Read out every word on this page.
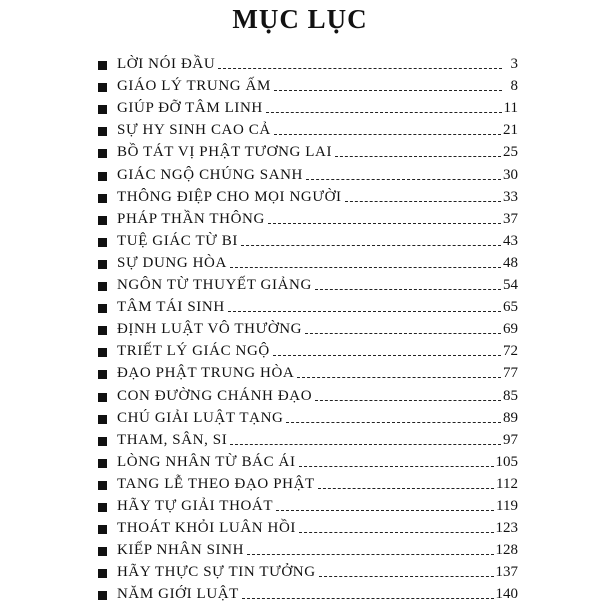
MỤC LỤC
LỜI NÓI ĐẦU	3
GIÁO LÝ TRUNG ẤM	8
GIÚP ĐỠ TÂM LINH	11
SỰ HY SINH CAO CẢ	21
BỒ TÁT VỊ PHẬT TƯƠNG LAI	25
GIÁC NGỘ CHÚNG SANH	30
THÔNG ĐIỆP CHO MỌI NGƯỜI	33
PHÁP THẦN THÔNG	37
TUỆ GIÁC TỪ BI	43
SỰ DUNG HÒA	48
NGÔN TỪ THUYẾT GIẢNG	54
TÂM TÁI SINH	65
ĐỊNH LUẬT VÔ THƯỜNG	69
TRIẾT LÝ GIÁC NGỘ	72
ĐẠO PHẬT TRUNG HÒA	77
CON ĐƯỜNG CHÁNH ĐẠO	85
CHÚ GIẢI LUẬT TẠNG	89
THAM, SÂN, SI	97
LÒNG NHÂN TỪ BÁC ÁI	105
TANG LỄ THEO ĐẠO PHẬT	112
HÃY TỰ GIẢI THOÁT	119
THOÁT KHỎI LUÂN HỒI	123
KIẾP NHÂN SINH	128
HÃY THỰC SỰ TIN TƯỞNG	137
NĂM GIỚI LUẬT	140
